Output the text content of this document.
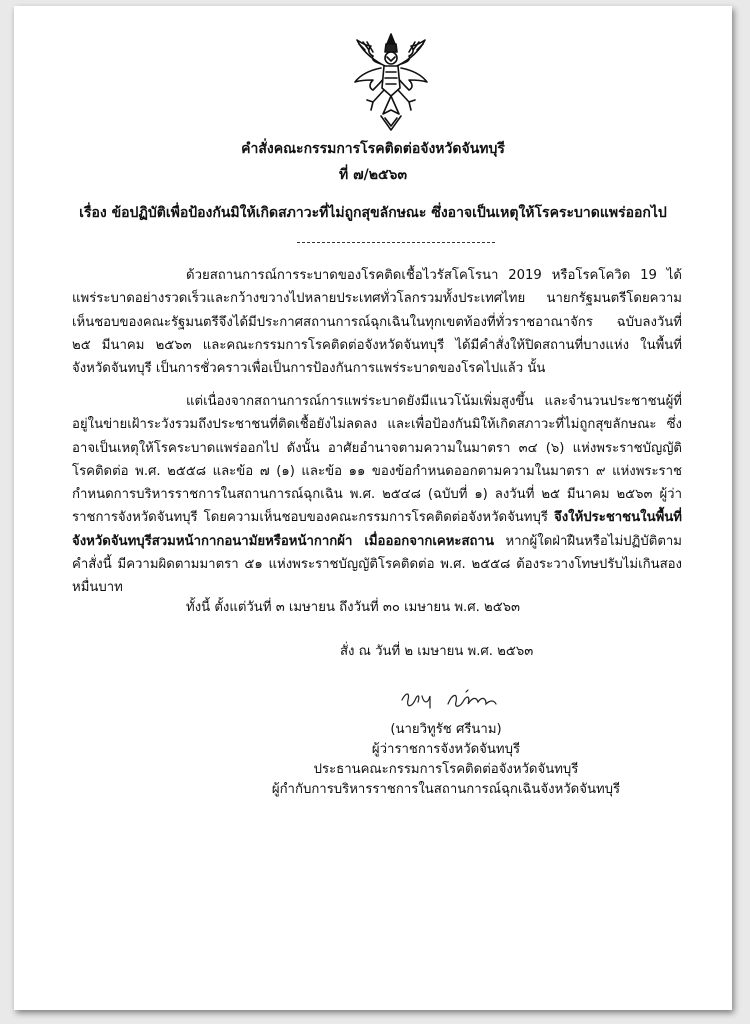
คำสั่งคณะกรรมการโรคติดต่อจังหวัดจันทบุรี
ที่ ๗/๒๕๖๓
เรื่อง ข้อปฏิบัติเพื่อป้องกันมิให้เกิดสภาวะที่ไม่ถูกสุขลักษณะ ซึ่งอาจเป็นเหตุให้โรคระบาดแพร่ออกไป

ด้วยสถานการณ์การระบาดของโรคติดเชื้อไวรัสโคโรนา 2019 หรือโรคโควิด 19 ได้แพร่ระบาดอย่างรวดเร็วและกว้างขวางไปหลายประเทศทั่วโลกรวมทั้งประเทศไทย นายกรัฐมนตรีโดยความเห็นชอบของคณะรัฐมนตรีจึงได้มีประกาศสถานการณ์ฉุกเฉินในทุกเขตท้องที่ทั่วราชอาณาจักร ฉบับลงวันที่ ๒๕ มีนาคม ๒๕๖๓ และคณะกรรมการโรคติดต่อจังหวัดจันทบุรี ได้มีคำสั่งให้ปิดสถานที่บางแห่ง ในพื้นที่จังหวัดจันทบุรี เป็นการชั่วคราวเพื่อเป็นการป้องกันการแพร่ระบาดของโรคไปแล้ว นั้น

แต่เนื่องจากสถานการณ์การแพร่ระบาดยังมีแนวโน้มเพิ่มสูงขึ้น และจำนวนประชาชนผู้ที่อยู่ในข่ายเฝ้าระวังรวมถึงประชาชนที่ติดเชื้อยังไม่ลดลง และเพื่อป้องกันมิให้เกิดสภาวะที่ไม่ถูกสุขลักษณะ ซึ่งอาจเป็นเหตุให้โรคระบาดแพร่ออกไป ดังนั้น อาศัยอำนาจตามความในมาตรา ๓๔ (๖) แห่งพระราชบัญญัติโรคติดต่อ พ.ศ. ๒๕๕๘ และข้อ ๗ (๑) และข้อ ๑๑ ของข้อกำหนดออกตามความในมาตรา ๙ แห่งพระราชกำหนดการบริหารราชการในสถานการณ์ฉุกเฉิน พ.ศ. ๒๕๔๘ (ฉบับที่ ๑) ลงวันที่ ๒๕ มีนาคม ๒๕๖๓ ผู้ว่าราชการจังหวัดจันทบุรี โดยความเห็นชอบของคณะกรรมการโรคติดต่อจังหวัดจันทบุรี จึงให้ประชาชนในพื้นที่จังหวัดจันทบุรีสวมหน้ากากอนามัยหรือหน้ากากผ้า เมื่อออกจากเคหะสถาน หากผู้ใดฝ่าฝืนหรือไม่ปฏิบัติตามคำสั่งนี้ มีความผิดตามมาตรา ๕๑ แห่งพระราชบัญญัติโรคติดต่อ พ.ศ. ๒๕๕๘ ต้องระวางโทษปรับไม่เกินสองหมื่นบาท

ทั้งนี้ ตั้งแต่วันที่ ๓ เมษายน ถึงวันที่ ๓๐ เมษายน พ.ศ. ๒๕๖๓
สั่ง ณ วันที่ ๒ เมษายน พ.ศ. ๒๕๖๓
(นายวิทูรัช ศรีนาม)
ผู้ว่าราชการจังหวัดจันทบุรี
ประธานคณะกรรมการโรคติดต่อจังหวัดจันทบุรี
ผู้กำกับการบริหารราชการในสถานการณ์ฉุกเฉินจังหวัดจันทบุรี
